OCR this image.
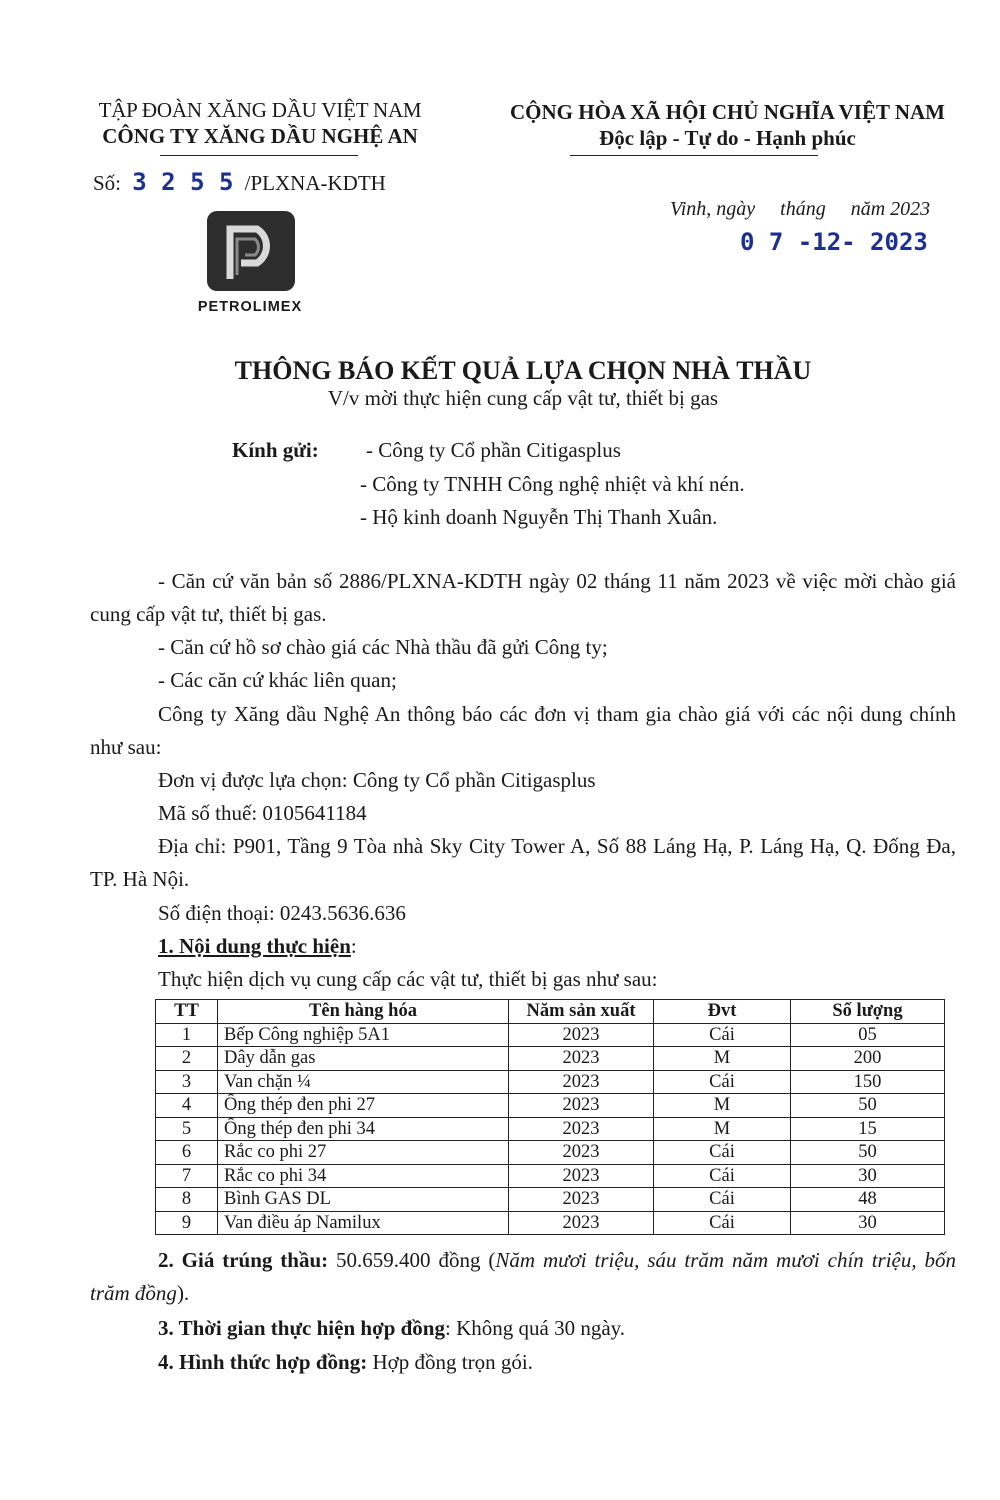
TẬP ĐOÀN XĂNG DẦU VIỆT NAM
CÔNG TY XĂNG DẦU NGHỆ AN
Số: 3 2 5 5 /PLXNA-KDTH
PETROLIMEX
CỘNG HÒA XÃ HỘI CHỦ NGHĨA VIỆT NAM
Độc lập - Tự do - Hạnh phúc
Vinh, ngày     tháng     năm 2023
0 7 -12- 2023
THÔNG BÁO KẾT QUẢ LỰA CHỌN NHÀ THẦU
V/v mời thực hiện cung cấp vật tư, thiết bị gas
Kính gửi: - Công ty Cổ phần Citigasplus
- Công ty TNHH Công nghệ nhiệt và khí nén.
- Hộ kinh doanh Nguyễn Thị Thanh Xuân.
- Căn cứ văn bản số 2886/PLXNA-KDTH ngày 02 tháng 11 năm 2023 về việc mời chào giá cung cấp vật tư, thiết bị gas.
- Căn cứ hồ sơ chào giá các Nhà thầu đã gửi Công ty;
- Các căn cứ khác liên quan;
Công ty Xăng dầu Nghệ An thông báo các đơn vị tham gia chào giá với các nội dung chính như sau:
Đơn vị được lựa chọn: Công ty Cổ phần Citigasplus
Mã số thuế: 0105641184
Địa chỉ: P901, Tầng 9 Tòa nhà Sky City Tower A, Số 88 Láng Hạ, P. Láng Hạ, Q. Đống Đa, TP. Hà Nội.
Số điện thoại: 0243.5636.636
1. Nội dung thực hiện:
Thực hiện dịch vụ cung cấp các vật tư, thiết bị gas như sau:
TT	Tên hàng hóa	Năm sản xuất	Đvt	Số lượng
1	Bếp Công nghiệp 5A1	2023	Cái	05
2	Dây dẫn gas	2023	M	200
3	Van chặn ¼	2023	Cái	150
4	Ống thép đen phi 27	2023	M	50
5	Ống thép đen phi 34	2023	M	15
6	Rắc co phi 27	2023	Cái	50
7	Rắc co phi 34	2023	Cái	30
8	Bình GAS DL	2023	Cái	48
9	Van điều áp Namilux	2023	Cái	30
2. Giá trúng thầu: 50.659.400 đồng (Năm mươi triệu, sáu trăm năm mươi chín triệu, bốn trăm đồng).
3. Thời gian thực hiện hợp đồng: Không quá 30 ngày.
4. Hình thức hợp đồng: Hợp đồng trọn gói.
